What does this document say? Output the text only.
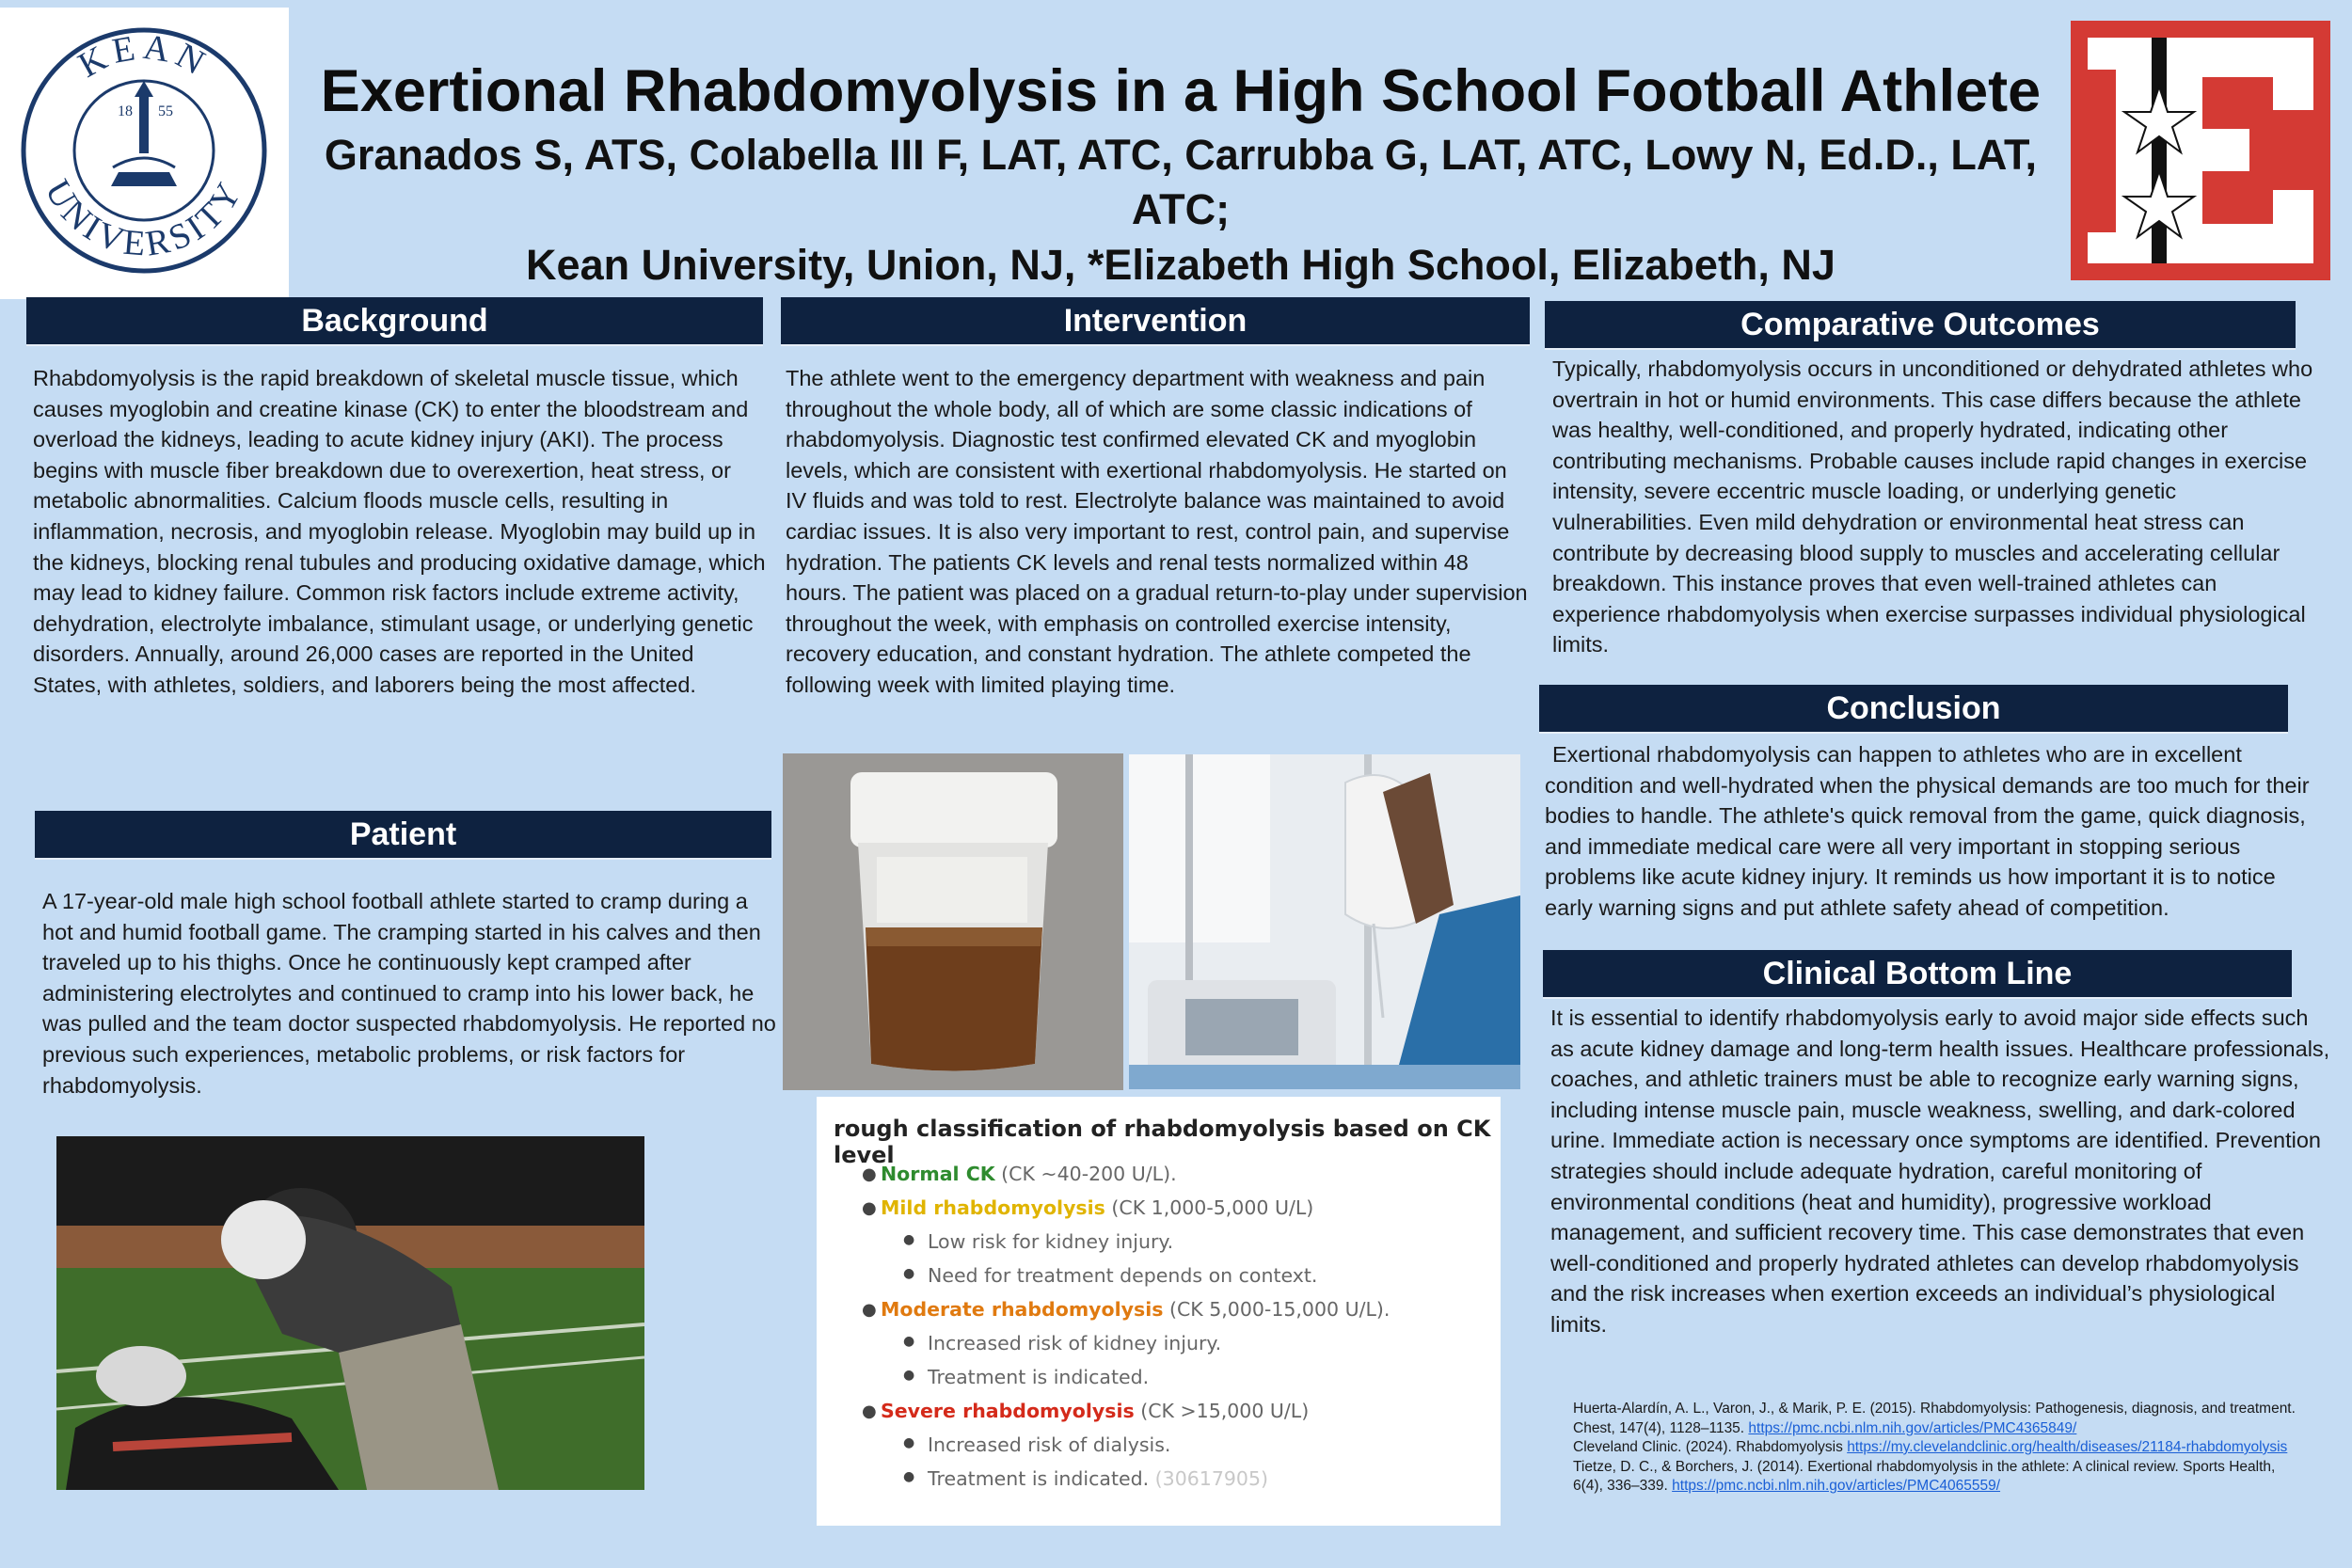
KEAN
UNIVERSITY
18 55	Exertional Rhabdomyolysis in a High School Football Athlete
Granados S, ATS, Colabella III F, LAT, ATC, Carrubba G, LAT, ATC, Lowy N, Ed.D., LAT, ATC;
Kean University, Union, NJ, *Elizabeth High School, Elizabeth, NJ
Background
Rhabdomyolysis is the rapid breakdown of skeletal muscle tissue, which causes myoglobin and creatine kinase (CK) to enter the bloodstream and overload the kidneys, leading to acute kidney injury (AKI). The process begins with muscle fiber breakdown due to overexertion, heat stress, or metabolic abnormalities. Calcium floods muscle cells, resulting in inflammation, necrosis, and myoglobin release. Myoglobin may build up in the kidneys, blocking renal tubules and producing oxidative damage, which may lead to kidney failure. Common risk factors include extreme activity, dehydration, electrolyte imbalance, stimulant usage, or underlying genetic disorders. Annually, around 26,000 cases are reported in the United States, with athletes, soldiers, and laborers being the most affected.
Patient
A 17-year-old male high school football athlete started to cramp during a hot and humid football game. The cramping started in his calves and then traveled up to his thighs. Once he continuously kept cramped after administering electrolytes and continued to cramp into his lower back, he was pulled and the team doctor suspected rhabdomyolysis. He reported no previous such experiences, metabolic problems, or risk factors for rhabdomyolysis.
Intervention
The athlete went to the emergency department with weakness and pain throughout the whole body, all of which are some classic indications of rhabdomyolysis. Diagnostic test confirmed elevated CK and myoglobin levels, which are consistent with exertional rhabdomyolysis. He started on IV fluids and was told to rest. Electrolyte balance was maintained to avoid cardiac issues. It is also very important to rest, control pain, and supervise hydration. The patients CK levels and renal tests normalized within 48 hours. The patient was placed on a gradual return-to-play under supervision throughout the week, with emphasis on controlled exercise intensity, recovery education, and constant hydration. The athlete competed the following week with limited playing time.
rough classification of rhabdomyolysis based on CK level
● Normal CK (CK ~40-200 U/L).
● Mild rhabdomyolysis (CK 1,000-5,000 U/L)
● Low risk for kidney injury.
● Need for treatment depends on context.
● Moderate rhabdomyolysis (CK 5,000-15,000 U/L).
● Increased risk of kidney injury.
● Treatment is indicated.
● Severe rhabdomyolysis (CK >15,000 U/L)
● Increased risk of dialysis.
● Treatment is indicated. (30617905)
Comparative Outcomes
Typically, rhabdomyolysis occurs in unconditioned or dehydrated athletes who overtrain in hot or humid environments. This case differs because the athlete was healthy, well-conditioned, and properly hydrated, indicating other contributing mechanisms. Probable causes include rapid changes in exercise intensity, severe eccentric muscle loading, or underlying genetic vulnerabilities. Even mild dehydration or environmental heat stress can contribute by decreasing blood supply to muscles and accelerating cellular breakdown. This instance proves that even well-trained athletes can experience rhabdomyolysis when exercise surpasses individual physiological limits.
Conclusion
Exertional rhabdomyolysis can happen to athletes who are in excellent condition and well-hydrated when the physical demands are too much for their bodies to handle. The athlete's quick removal from the game, quick diagnosis, and immediate medical care were all very important in stopping serious problems like acute kidney injury. It reminds us how important it is to notice early warning signs and put athlete safety ahead of competition.
Clinical Bottom Line
It is essential to identify rhabdomyolysis early to avoid major side effects such as acute kidney damage and long-term health issues. Healthcare professionals, coaches, and athletic trainers must be able to recognize early warning signs, including intense muscle pain, muscle weakness, swelling, and dark-colored urine. Immediate action is necessary once symptoms are identified. Prevention strategies should include adequate hydration, careful monitoring of environmental conditions (heat and humidity), progressive workload management, and sufficient recovery time. This case demonstrates that even well-conditioned and properly hydrated athletes can develop rhabdomyolysis and the risk increases when exertion exceeds an individual’s physiological limits.
Huerta-Alardín, A. L., Varon, J., & Marik, P. E. (2015). Rhabdomyolysis: Pathogenesis, diagnosis, and treatment. Chest, 147(4), 1128–1135. https://pmc.ncbi.nlm.nih.gov/articles/PMC4365849/
Cleveland Clinic. (2024). Rhabdomyolysis https://my.clevelandclinic.org/health/diseases/21184-rhabdomyolysis
Tietze, D. C., & Borchers, J. (2014). Exertional rhabdomyolysis in the athlete: A clinical review. Sports Health, 6(4), 336–339. https://pmc.ncbi.nlm.nih.gov/articles/PMC4065559/
